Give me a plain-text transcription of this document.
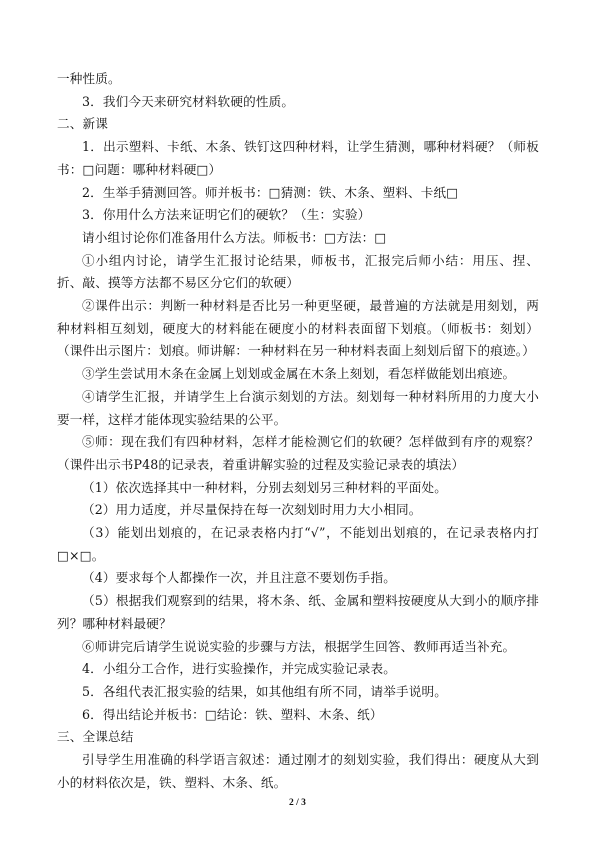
一种性质。

3．我们今天来研究材料软硬的性质。

二、新课

1．出示塑料、卡纸、木条、铁钉这四种材料，让学生猜测，哪种材料硬？（师板书：□问题：哪种材料硬□）

2．生举手猜测回答。师并板书：□猜测：铁、木条、塑料、卡纸□

3．你用什么方法来证明它们的硬软？（生：实验）

请小组讨论你们准备用什么方法。师板书：□方法：□

①小组内讨论，请学生汇报讨论结果，师板书，汇报完后师小结：用压、捏、折、敲、摸等方法都不易区分它们的软硬）

②课件出示：判断一种材料是否比另一种更坚硬，最普遍的方法就是用刻划，两种材料相互刻划，硬度大的材料能在硬度小的材料表面留下划痕。（师板书：刻划）（课件出示图片：划痕。师讲解：一种材料在另一种材料表面上刻划后留下的痕迹。）

③学生尝试用木条在金属上划划或金属在木条上刻划，看怎样做能划出痕迹。

④请学生汇报，并请学生上台演示刻划的方法。刻划每一种材料所用的力度大小要一样，这样才能体现实验结果的公平。

⑤师：现在我们有四种材料，怎样才能检测它们的软硬？怎样做到有序的观察？（课件出示书P48的记录表，着重讲解实验的过程及实验记录表的填法）

（1）依次选择其中一种材料，分别去刻划另三种材料的平面处。

（2）用力适度，并尽量保持在每一次刻划时用力大小相同。

（3）能划出划痕的，在记录表格内打“√”，不能划出划痕的，在记录表格内打□×□。

（4）要求每个人都操作一次，并且注意不要划伤手指。

（5）根据我们观察到的结果，将木条、纸、金属和塑料按硬度从大到小的顺序排列？哪种材料最硬？

⑥师讲完后请学生说说实验的步骤与方法，根据学生回答、教师再适当补充。

4．小组分工合作，进行实验操作，并完成实验记录表。

5．各组代表汇报实验的结果，如其他组有所不同，请举手说明。

6．得出结论并板书：□结论：铁、塑料、木条、纸）

三、全课总结

引导学生用准确的科学语言叙述：通过刚才的刻划实验，我们得出：硬度从大到小的材料依次是，铁、塑料、木条、纸。

2 / 3
